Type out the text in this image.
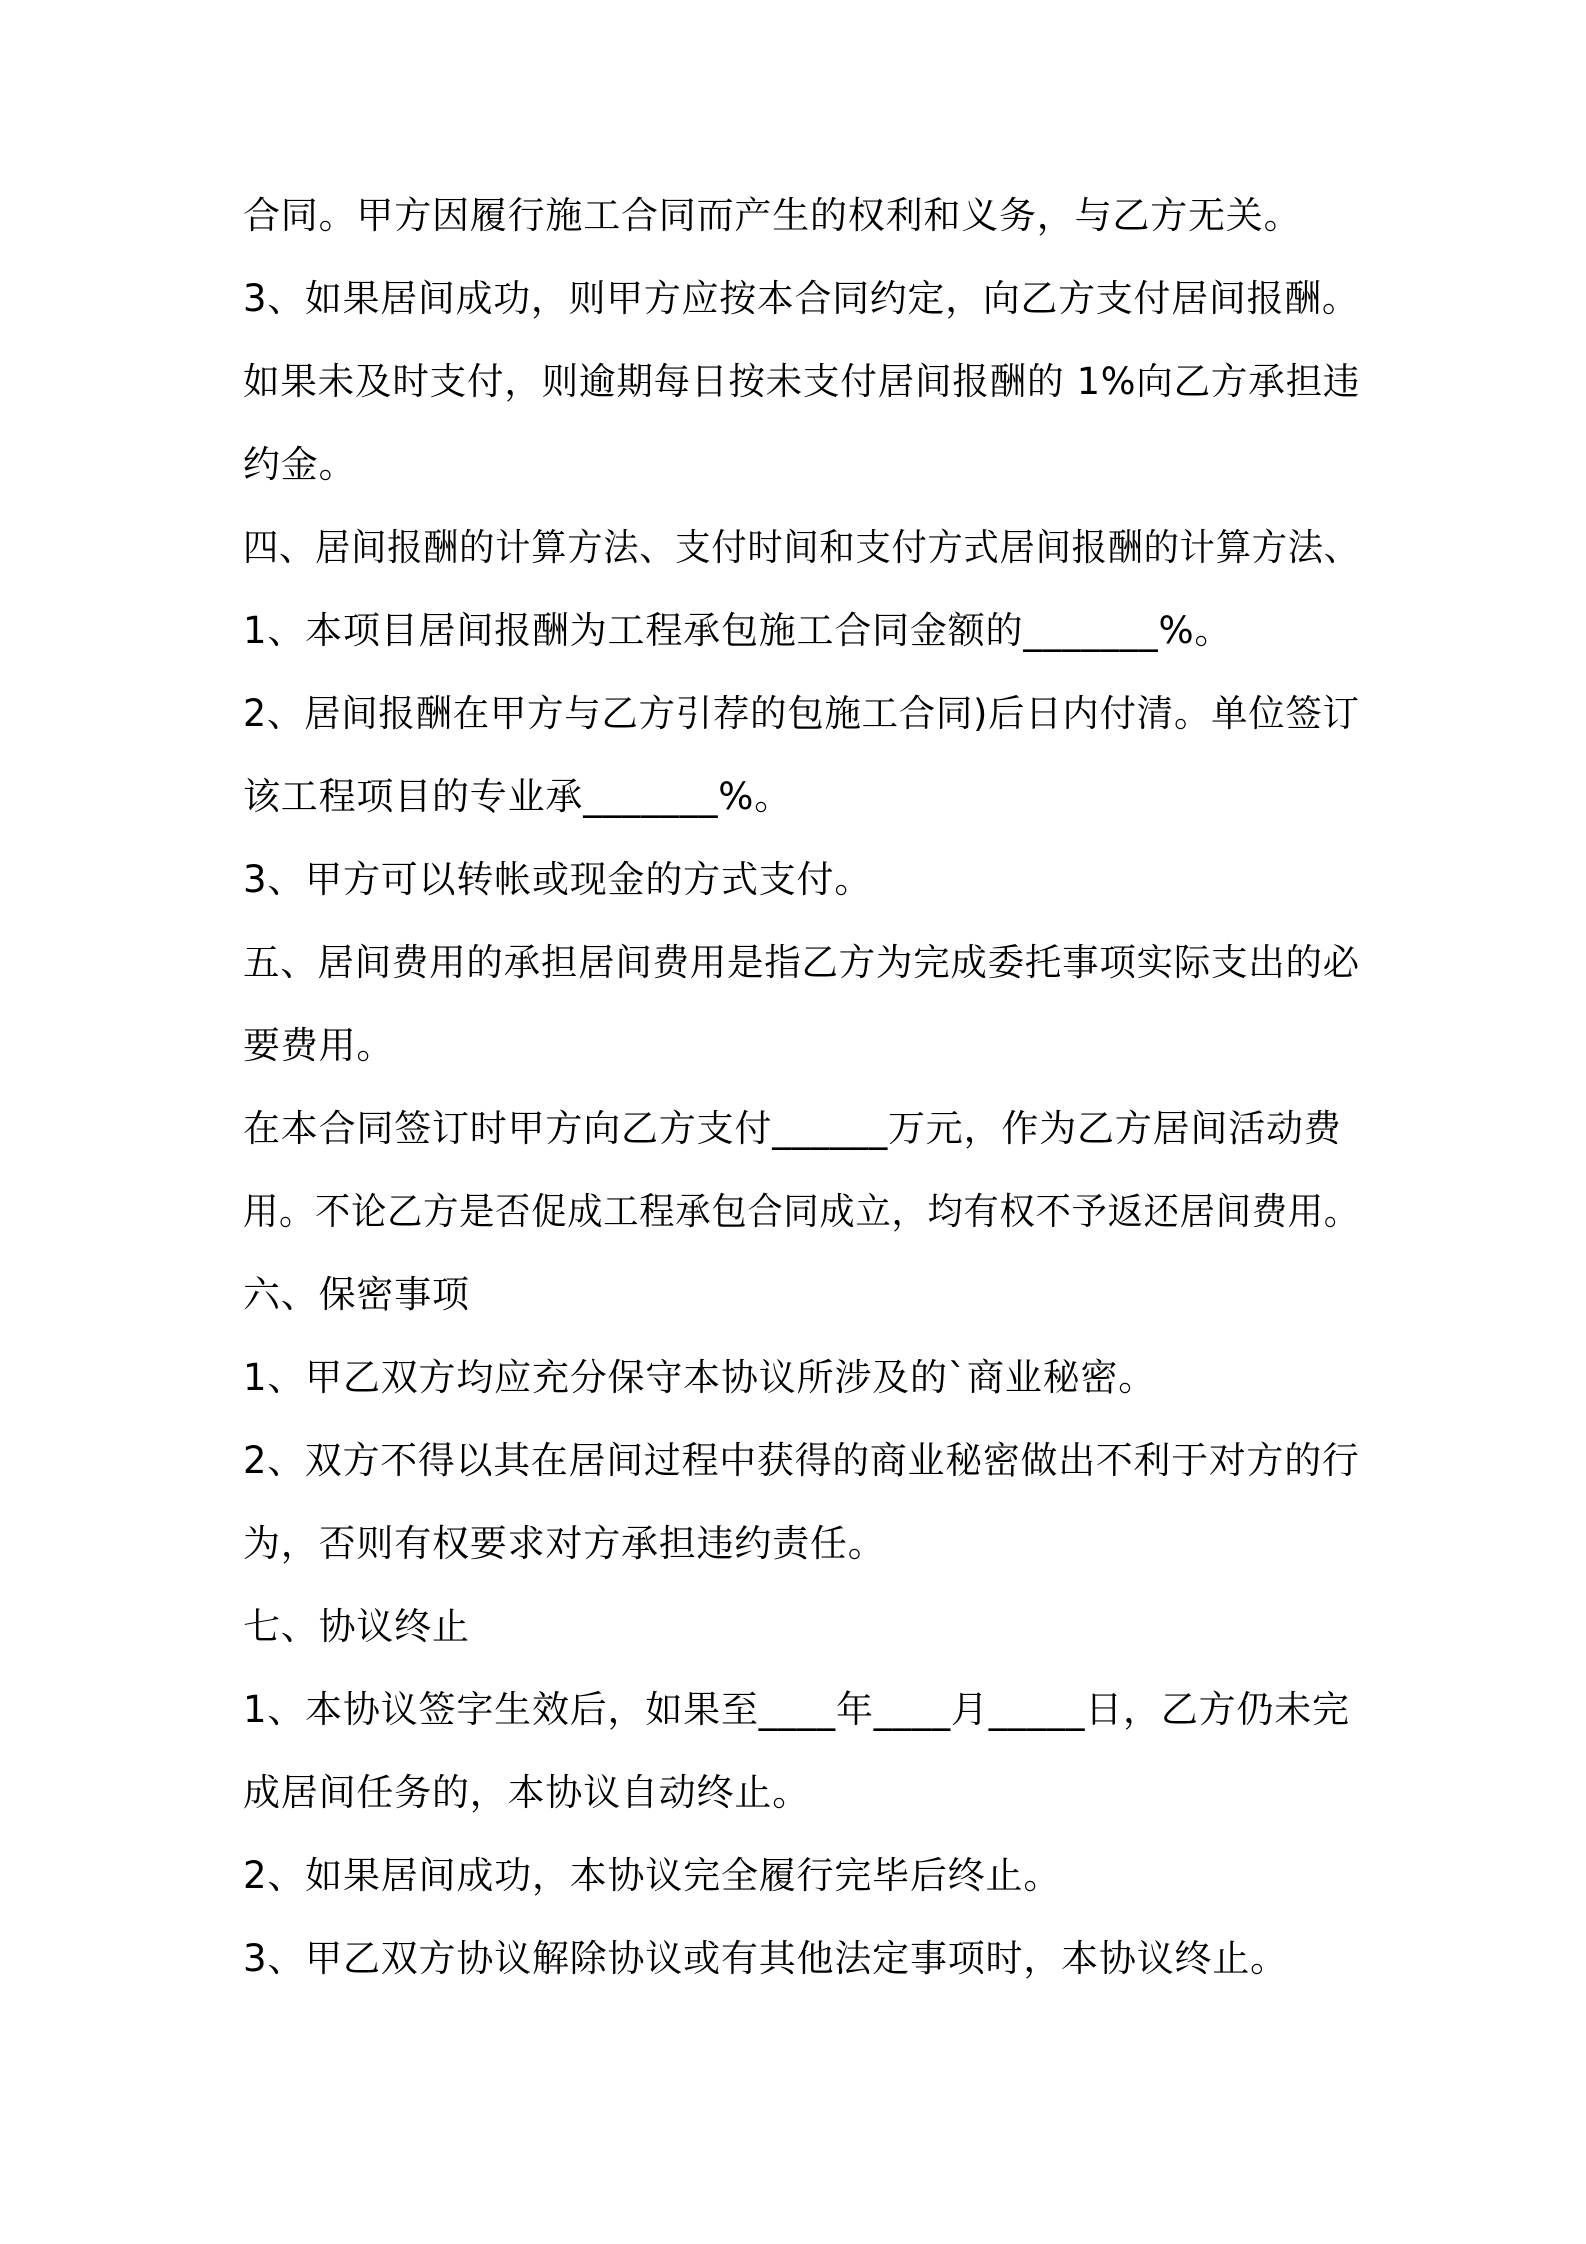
合同。甲方因履行施工合同而产生的权利和义务，与乙方无关。

3、如果居间成功，则甲方应按本合同约定，向乙方支付居间报酬。

如果未及时支付，则逾期每日按未支付居间报酬的 1%向乙方承担违

约金。

四、居间报酬的计算方法、支付时间和支付方式居间报酬的计算方法、

1、本项目居间报酬为工程承包施工合同金额的_______%。

2、居间报酬在甲方与乙方引荐的包施工合同)后日内付清。单位签订

该工程项目的专业承_______%。

3、甲方可以转帐或现金的方式支付。

五、居间费用的承担居间费用是指乙方为完成委托事项实际支出的必

要费用。

在本合同签订时甲方向乙方支付______万元，作为乙方居间活动费

用。不论乙方是否促成工程承包合同成立，均有权不予返还居间费用。

六、保密事项

1、甲乙双方均应充分保守本协议所涉及的`商业秘密。

2、双方不得以其在居间过程中获得的商业秘密做出不利于对方的行

为，否则有权要求对方承担违约责任。

七、协议终止

1、本协议签字生效后，如果至____年____月_____日，乙方仍未完

成居间任务的，本协议自动终止。

2、如果居间成功，本协议完全履行完毕后终止。

3、甲乙双方协议解除协议或有其他法定事项时，本协议终止。
